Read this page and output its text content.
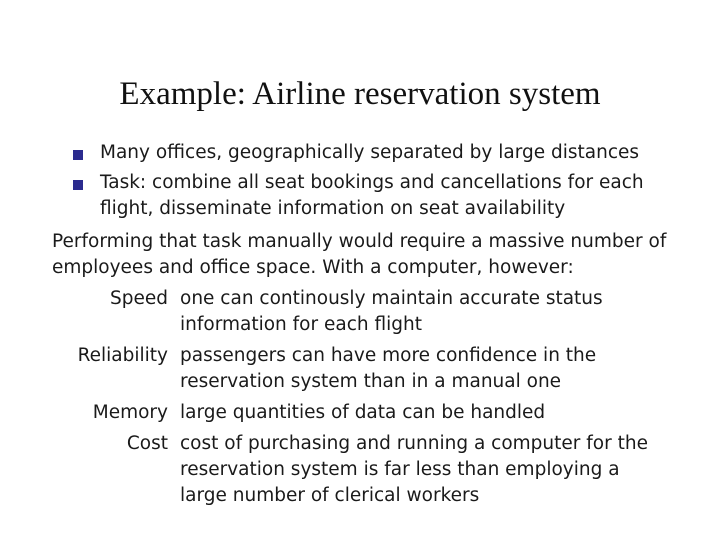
Example: Airline reservation system
Many offices, geographically separated by large distances
Task: combine all seat bookings and cancellations for each flight, disseminate information on seat availability

Performing that task manually would require a massive number of employees and office space. With a computer, however:

Speed one can continously maintain accurate status information for each flight
Reliability passengers can have more confidence in the reservation system than in a manual one
Memory large quantities of data can be handled
Cost cost of purchasing and running a computer for the reservation system is far less than employing a large number of clerical workers
